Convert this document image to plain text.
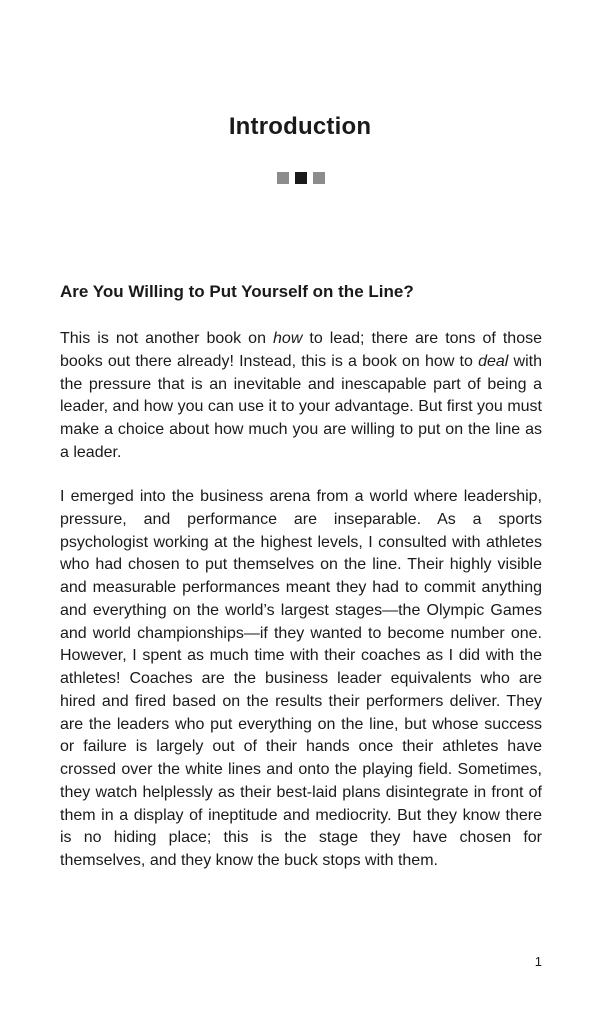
Introduction
Are You Willing to Put Yourself on the Line?

This is not another book on how to lead; there are tons of those books out there already! Instead, this is a book on how to deal with the pressure that is an inevitable and inescapable part of being a leader, and how you can use it to your advantage. But first you must make a choice about how much you are willing to put on the line as a leader.

I emerged into the business arena from a world where leadership, pressure, and performance are inseparable. As a sports psychologist working at the highest levels, I consulted with athletes who had chosen to put themselves on the line. Their highly visible and measurable performances meant they had to commit anything and everything on the world’s largest stages—the Olympic Games and world championships—if they wanted to become number one. However, I spent as much time with their coaches as I did with the athletes! Coaches are the business leader equivalents who are hired and fired based on the results their performers deliver. They are the leaders who put everything on the line, but whose success or failure is largely out of their hands once their athletes have crossed over the white lines and onto the playing field. Sometimes, they watch helplessly as their best-laid plans disintegrate in front of them in a display of ineptitude and mediocrity. But they know there is no hiding place; this is the stage they have chosen for themselves, and they know the buck stops with them.

1
